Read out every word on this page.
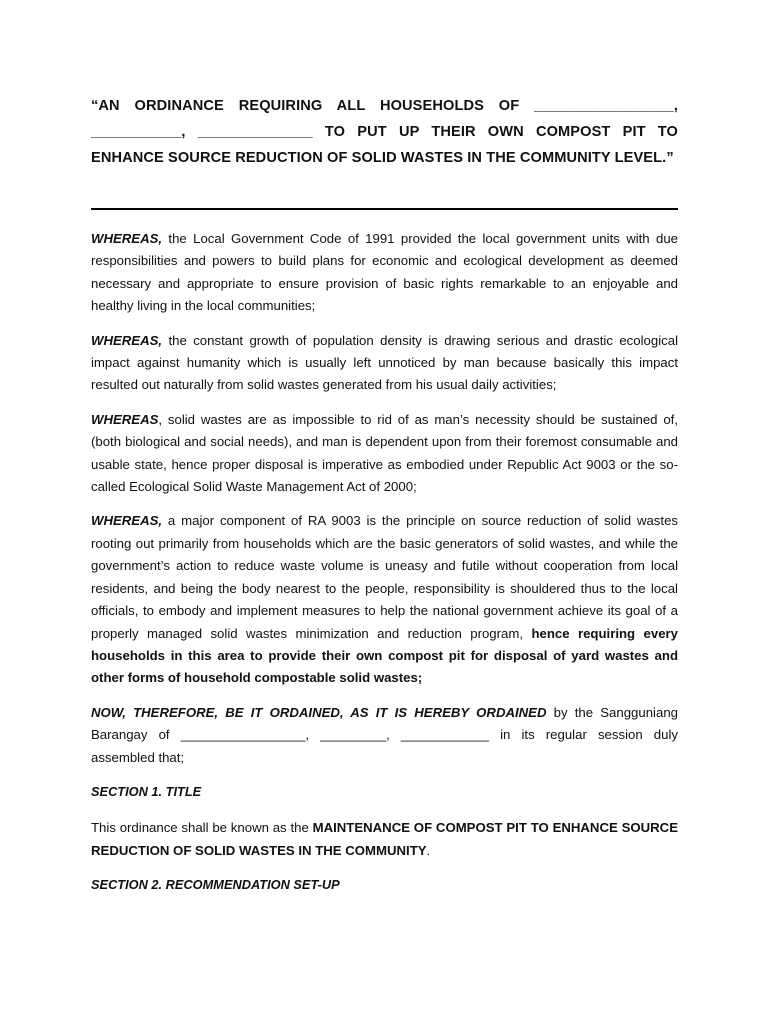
“AN ORDINANCE REQUIRING ALL HOUSEHOLDS OF _________________,
___________, ______________ TO PUT UP THEIR OWN COMPOST PIT TO
ENHANCE SOURCE REDUCTION OF SOLID WASTES IN THE COMMUNITY LEVEL.”

WHEREAS, the Local Government Code of 1991 provided the local government units with due responsibilities and powers to build plans for economic and ecological development as deemed necessary and appropriate to ensure provision of basic rights remarkable to an enjoyable and healthy living in the local communities;

WHEREAS, the constant growth of population density is drawing serious and drastic ecological impact against humanity which is usually left unnoticed by man because basically this impact resulted out naturally from solid wastes generated from his usual daily activities;

WHEREAS, solid wastes are as impossible to rid of as man’s necessity should be sustained of, (both biological and social needs), and man is dependent upon from their foremost consumable and usable state, hence proper disposal is imperative as embodied under Republic Act 9003 or the so-called Ecological Solid Waste Management Act of 2000;

WHEREAS, a major component of RA 9003 is the principle on source reduction of solid wastes rooting out primarily from households which are the basic generators of solid wastes, and while the government’s action to reduce waste volume is uneasy and futile without cooperation from local residents, and being the body nearest to the people, responsibility is shouldered thus to the local officials, to embody and implement measures to help the national government achieve its goal of a properly managed solid wastes minimization and reduction program, hence requiring every households in this area to provide their own compost pit for disposal of yard wastes and other forms of household compostable solid wastes;

NOW, THEREFORE, BE IT ORDAINED, AS IT IS HEREBY ORDAINED by the Sangguniang Barangay of _________________, _________, ____________ in its regular session duly assembled that;

SECTION 1. TITLE

This ordinance shall be known as the MAINTENANCE OF COMPOST PIT TO ENHANCE SOURCE REDUCTION OF SOLID WASTES IN THE COMMUNITY.

SECTION 2. RECOMMENDATION SET-UP
